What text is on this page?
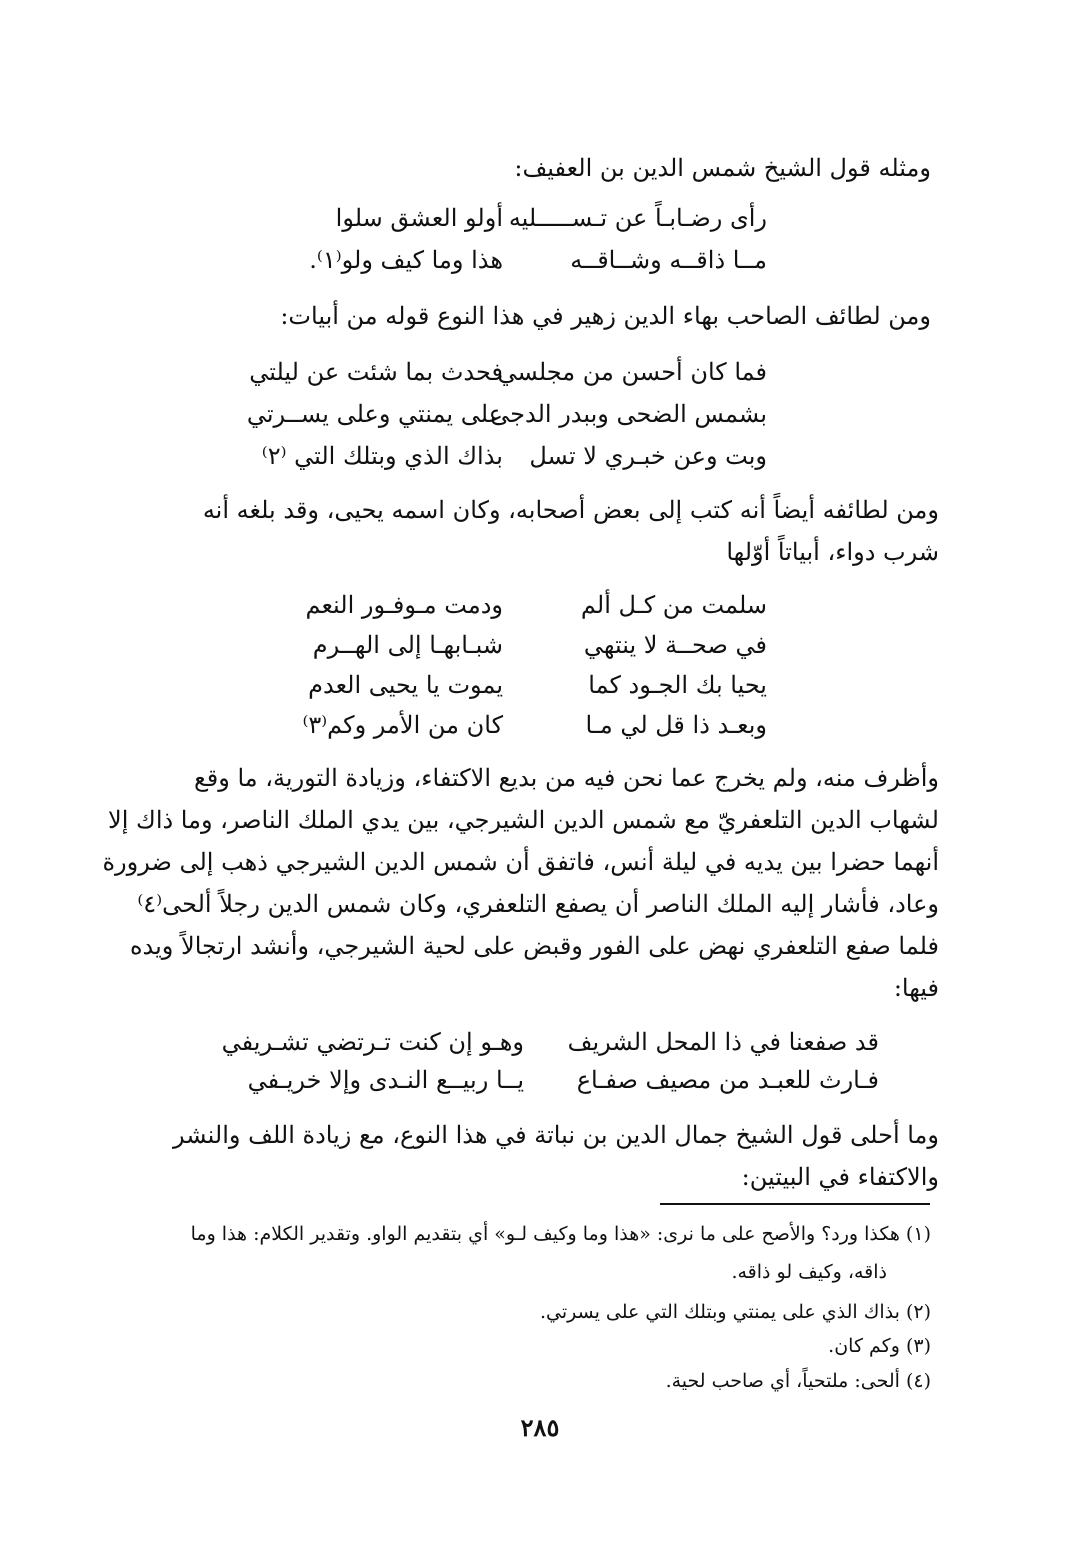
ومثله قول الشيخ شمس الدين بن العفيف:
رأى رضـابـاً عن تـســـــليه
أولو العشق سلوا
مــا ذاقــه وشــاقــه
هذا وما كيف ولو⁽١⁾.
ومن لطائف الصاحب بهاء الدين زهير في هذا النوع قوله من أبيات:
فما كان أحسن من مجلسي
فحدث بما شئت عن ليلتي
بشمس الضحى وببدر الدجى
على يمنتي وعلى يســرتي
وبت وعن خبـري لا تسل
بذاك الذي وبتلك التي ⁽٢⁾
ومن لطائفه أيضاً أنه كتب إلى بعض أصحابه، وكان اسمه يحيى، وقد بلغه أنه
شرب دواء، أبياتاً أوّلها
سلمت من كـل ألم
ودمت مـوفـور النعم
في صحــة لا ينتهي
شبـابهـا إلى الهــرم
يحيا بك الجـود كما
يموت يا يحيى العدم
وبعـد ذا قل لي مـا
كان من الأمر وكم⁽٣⁾
وأظرف منه، ولم يخرج عما نحن فيه من بديع الاكتفاء، وزيادة التورية، ما وقع
لشهاب الدين التلعفريّ مع شمس الدين الشيرجي، بين يدي الملك الناصر، وما ذاك إلا
أنهما حضرا بين يديه في ليلة أنس، فاتفق أن شمس الدين الشيرجي ذهب إلى ضرورة
وعاد، فأشار إليه الملك الناصر أن يصفع التلعفري، وكان شمس الدين رجلاً ألحى⁽٤⁾
فلما صفع التلعفري نهض على الفور وقبض على لحية الشيرجي، وأنشد ارتجالاً ويده
فيها:
قد صفعنا في ذا المحل الشريف
وهـو إن كنت تـرتضي تشـريفي
فـارث للعبـد من مصيف صفـاع
يــا ربيــع النـدى وإلا خريـفي
وما أحلى قول الشيخ جمال الدين بن نباتة في هذا النوع، مع زيادة اللف والنشر
والاكتفاء في البيتين:
(١) هكذا ورد؟ والأصح على ما نرى: «هذا وما وكيف لـو» أي بتقديم الواو. وتقدير الكلام: هذا وما
ذاقه، وكيف لو ذاقه.
(٢) بذاك الذي على يمنتي وبتلك التي على يسرتي.
(٣) وكم كان.
(٤) ألحى: ملتحياً، أي صاحب لحية.
٢٨٥
